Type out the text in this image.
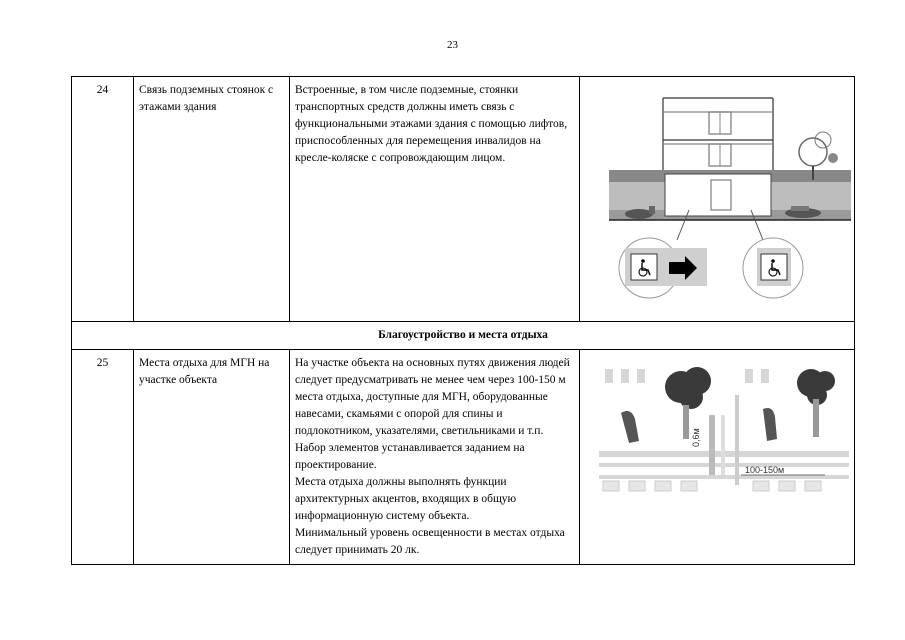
23
24	Связь подземных стоянок с этажами здания	Встроенные, в том числе подземные, стоянки транспортных средств должны иметь связь с функциональными этажами здания с помощью лифтов,
приспособленных для перемещения инвалидов на кресле-коляске с сопровождающим лицом.

Благоустройство и места отдыха			
25	Места отдыха для МГН на участке объекта	На участке объекта на основных путях движения людей следует предусматривать не менее чем через 100-150 м места отдыха, доступные для МГН, оборудованные навесами, скамьями с опорой для спины и подлокотником, указателями, светильниками и т.п. Набор элементов устанавливается заданием на проектирование.
Места отдыха должны выполнять функции архитектурных акцентов, входящих в общую информационную систему объекта.
Минимальный уровень освещенности в местах отдыха следует принимать 20 лк.	0,6м
100-150м
